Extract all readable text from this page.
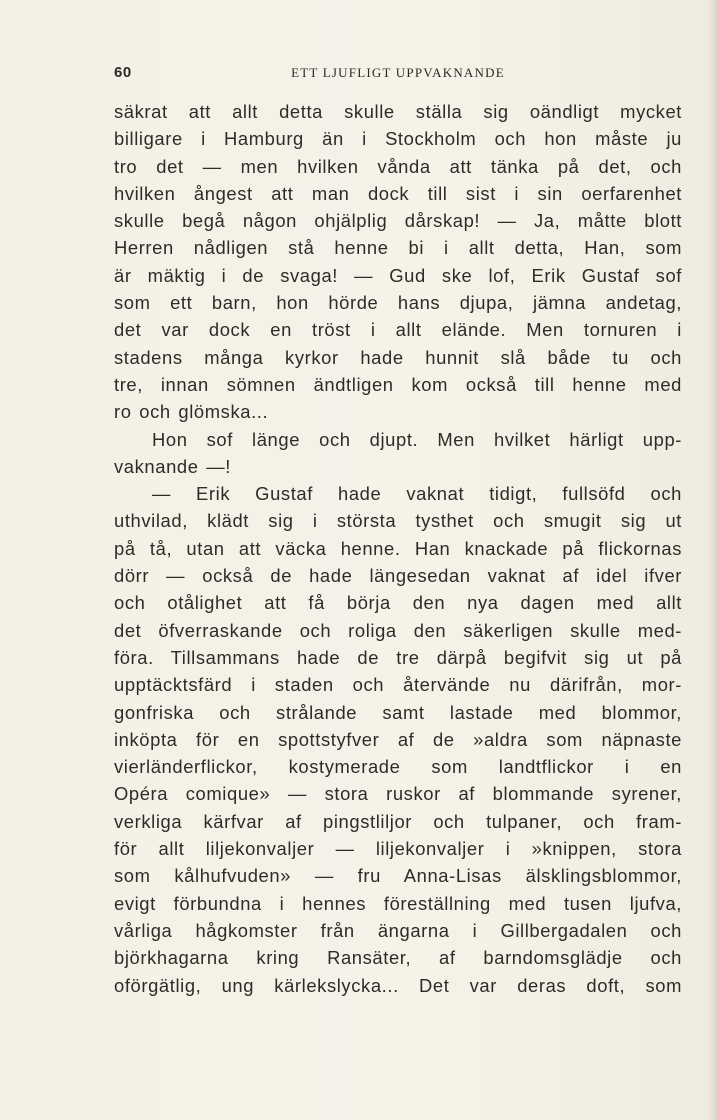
60	ETT LJUFLIGT UPPVAKNANDE
säkrat att allt detta skulle ställa sig oändligt mycket
billigare i Hamburg än i Stockholm och hon måste ju
tro det — men hvilken vånda att tänka på det, och
hvilken ångest att man dock till sist i sin oerfarenhet
skulle begå någon ohjälplig dårskap! — Ja, måtte blott
Herren nådligen stå henne bi i allt detta, Han, som
är mäktig i de svaga! — Gud ske lof, Erik Gustaf sof
som ett barn, hon hörde hans djupa, jämna andetag,
det var dock en tröst i allt elände. Men tornuren i
stadens många kyrkor hade hunnit slå både tu och
tre, innan sömnen ändtligen kom också till henne med
ro och glömska...
Hon sof länge och djupt. Men hvilket härligt upp-
vaknande —!
— Erik Gustaf hade vaknat tidigt, fullsöfd och
uthvilad, klädt sig i största tysthet och smugit sig ut
på tå, utan att väcka henne. Han knackade på flickornas
dörr — också de hade längesedan vaknat af idel ifver
och otålighet att få börja den nya dagen med allt
det öfverraskande och roliga den säkerligen skulle med-
föra. Tillsammans hade de tre därpå begifvit sig ut på
upptäcktsfärd i staden och återvände nu därifrån, mor-
gonfriska och strålande samt lastade med blommor,
inköpta för en spottstyfver af de »aldra som näpnaste
vierländerflickor, kostymerade som landtflickor i en
Opéra comique» — stora ruskor af blommande syrener,
verkliga kärfvar af pingstliljor och tulpaner, och fram-
för allt liljekonvaljer — liljekonvaljer i »knippen, stora
som kålhufvuden» — fru Anna-Lisas älsklingsblommor,
evigt förbundna i hennes föreställning med tusen ljufva,
vårliga hågkomster från ängarna i Gillbergadalen och
björkhagarna kring Ransäter, af barndomsglädje och
oförgätlig, ung kärlekslycka... Det var deras doft, som
